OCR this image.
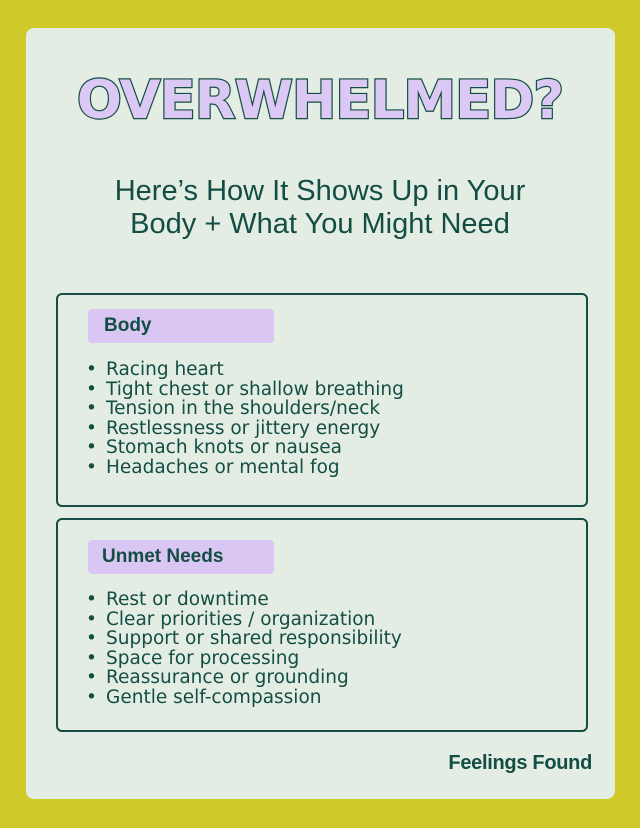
OVERWHELMED?
Here’s How It Shows Up in Your
Body + What You Might Need
Body
• Racing heart
• Tight chest or shallow breathing
• Tension in the shoulders/neck
• Restlessness or jittery energy
• Stomach knots or nausea
• Headaches or mental fog
Unmet Needs
• Rest or downtime
• Clear priorities / organization
• Support or shared responsibility
• Space for processing
• Reassurance or grounding
• Gentle self-compassion
Feelings Found
